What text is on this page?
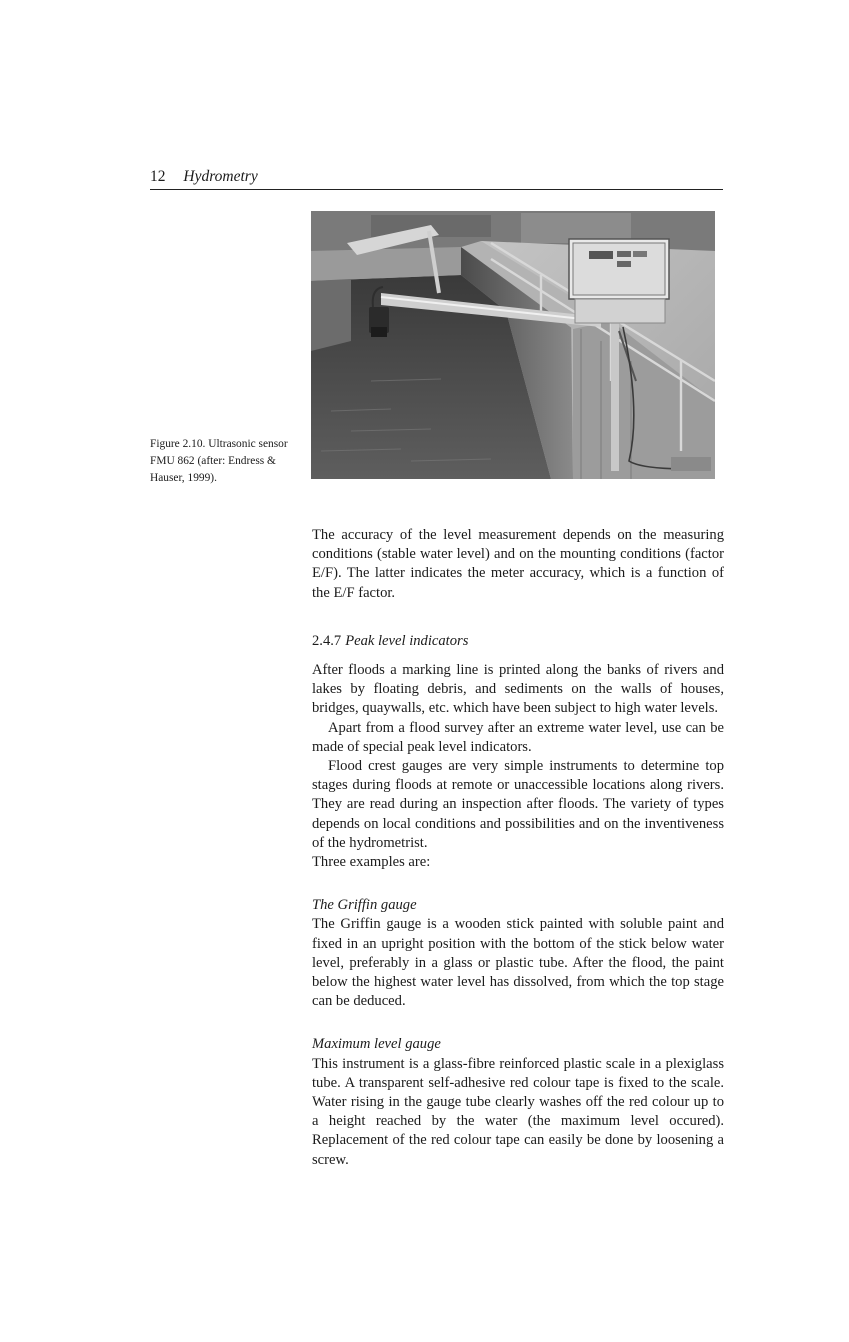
12 Hydrometry

Figure 2.10. Ultrasonic sensor

FMU 862 (after: Endress &

Hauser, 1999).

The accuracy of the level measurement depends on the measuring conditions (stable water level) and on the mounting conditions (factor E/F). The latter indicates the meter accuracy, which is a function of the E/F factor.

2.4.7 Peak level indicators

After floods a marking line is printed along the banks of rivers and lakes by floating debris, and sediments on the walls of houses, bridges, quaywalls, etc. which have been subject to high water levels.

Apart from a flood survey after an extreme water level, use can be made of special peak level indicators.

Flood crest gauges are very simple instruments to determine top stages during floods at remote or unaccessible locations along rivers. They are read during an inspection after floods. The variety of types depends on local conditions and possibilities and on the inventiveness of the hydrometrist.

Three examples are:

The Griffin gauge

The Griffin gauge is a wooden stick painted with soluble paint and fixed in an upright position with the bottom of the stick below water level, preferably in a glass or plastic tube. After the flood, the paint below the highest water level has dissolved, from which the top stage can be deduced.

Maximum level gauge

This instrument is a glass-fibre reinforced plastic scale in a plexiglass tube. A transparent self-adhesive red colour tape is fixed to the scale. Water rising in the gauge tube clearly washes off the red colour up to a height reached by the water (the maximum level occured). Replacement of the red colour tape can easily be done by loosening a screw.
